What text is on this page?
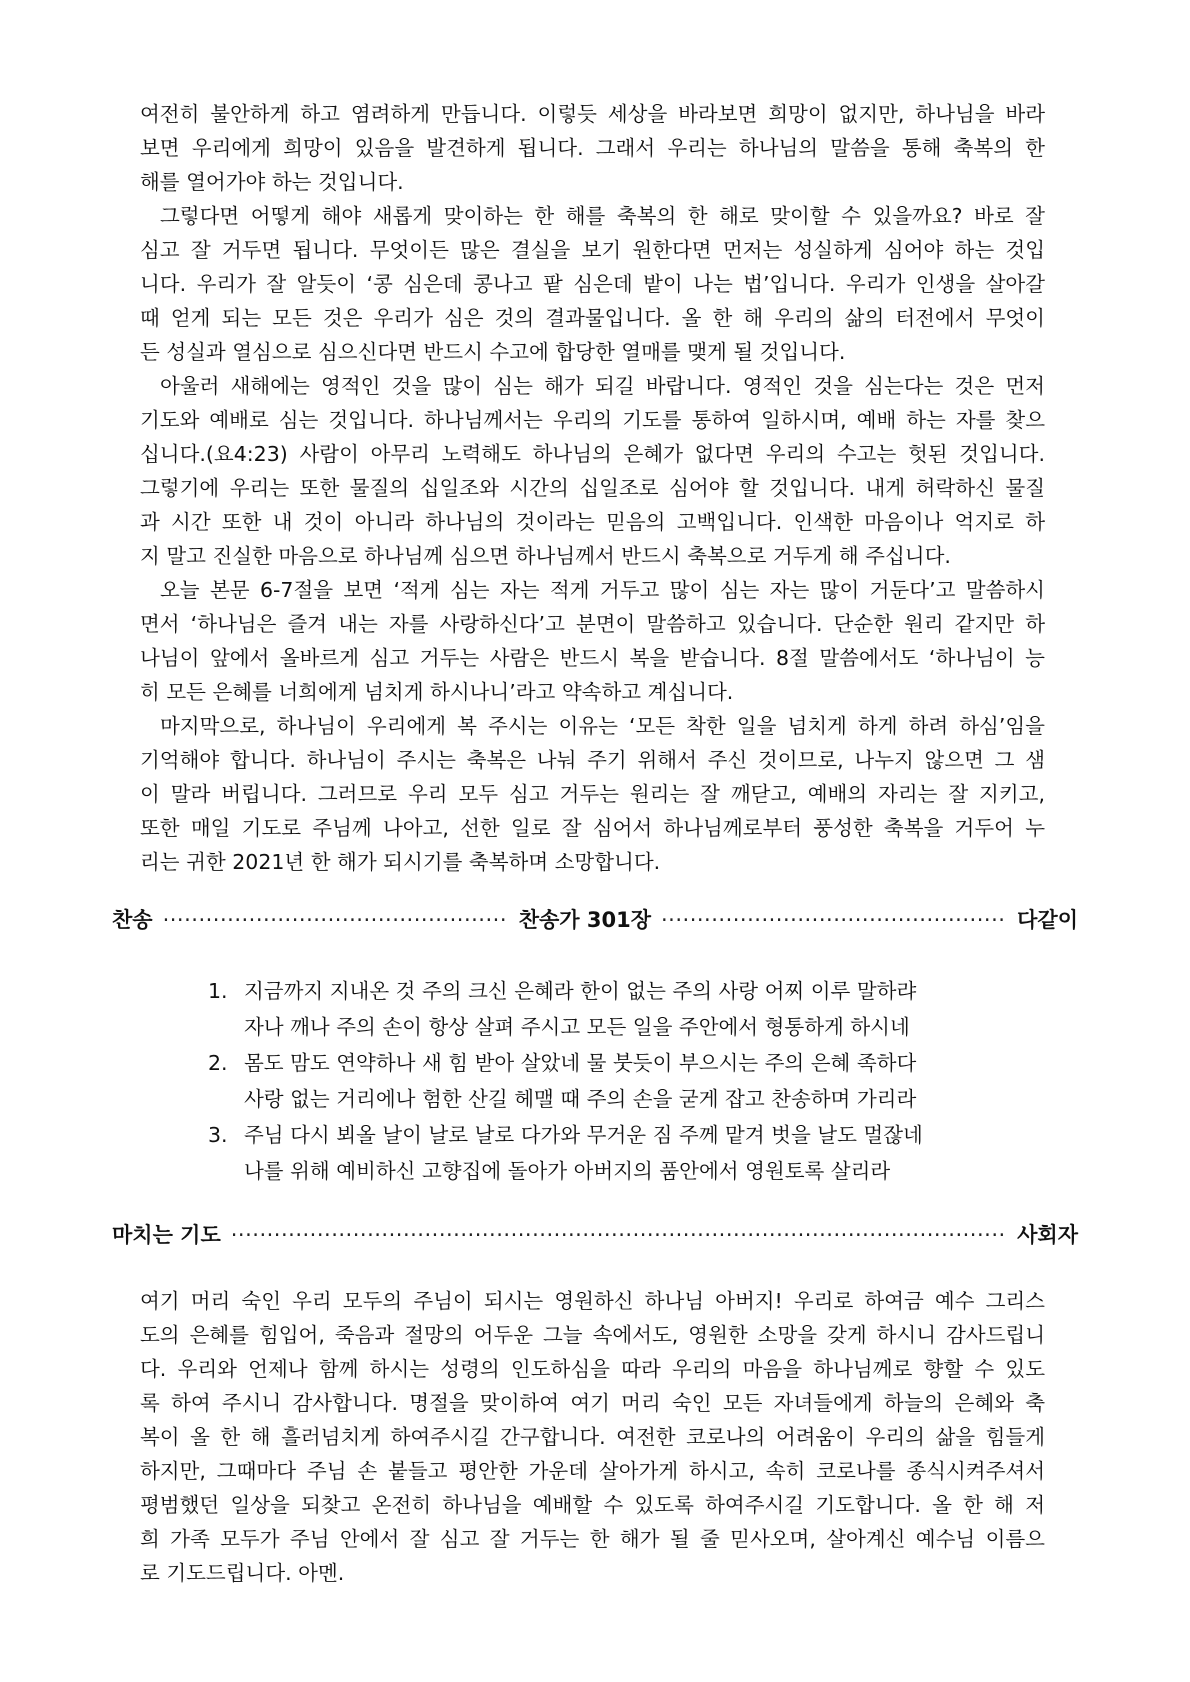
여전히 불안하게 하고 염려하게 만듭니다. 이렇듯 세상을 바라보면 희망이 없지만, 하나님을 바라
보면 우리에게 희망이 있음을 발견하게 됩니다. 그래서 우리는 하나님의 말씀을 통해 축복의 한
해를 열어가야 하는 것입니다.
그렇다면 어떻게 해야 새롭게 맞이하는 한 해를 축복의 한 해로 맞이할 수 있을까요? 바로 잘
심고 잘 거두면 됩니다. 무엇이든 많은 결실을 보기 원한다면 먼저는 성실하게 심어야 하는 것입
니다. 우리가 잘 알듯이 ‘콩 심은데 콩나고 팥 심은데 밭이 나는 법’입니다. 우리가 인생을 살아갈
때 얻게 되는 모든 것은 우리가 심은 것의 결과물입니다. 올 한 해 우리의 삶의 터전에서 무엇이
든 성실과 열심으로 심으신다면 반드시 수고에 합당한 열매를 맺게 될 것입니다.
아울러 새해에는 영적인 것을 많이 심는 해가 되길 바랍니다. 영적인 것을 심는다는 것은 먼저
기도와 예배로 심는 것입니다. 하나님께서는 우리의 기도를 통하여 일하시며, 예배 하는 자를 찾으
십니다.(요4:23) 사람이 아무리 노력해도 하나님의 은혜가 없다면 우리의 수고는 헛된 것입니다.
그렇기에 우리는 또한 물질의 십일조와 시간의 십일조로 심어야 할 것입니다. 내게 허락하신 물질
과 시간 또한 내 것이 아니라 하나님의 것이라는 믿음의 고백입니다. 인색한 마음이나 억지로 하
지 말고 진실한 마음으로 하나님께 심으면 하나님께서 반드시 축복으로 거두게 해 주십니다.
오늘 본문 6-7절을 보면 ‘적게 심는 자는 적게 거두고 많이 심는 자는 많이 거둔다’고 말씀하시
면서 ‘하나님은 즐겨 내는 자를 사랑하신다’고 분면이 말씀하고 있습니다. 단순한 원리 같지만 하
나님이 앞에서 올바르게 심고 거두는 사람은 반드시 복을 받습니다. 8절 말씀에서도 ‘하나님이 능
히 모든 은혜를 너희에게 넘치게 하시나니’라고 약속하고 계십니다.
마지막으로, 하나님이 우리에게 복 주시는 이유는 ‘모든 착한 일을 넘치게 하게 하려 하심’임을
기억해야 합니다. 하나님이 주시는 축복은 나눠 주기 위해서 주신 것이므로, 나누지 않으면 그 샘
이 말라 버립니다. 그러므로 우리 모두 심고 거두는 원리는 잘 깨닫고, 예배의 자리는 잘 지키고,
또한 매일 기도로 주님께 나아고, 선한 일로 잘 심어서 하나님께로부터 풍성한 축복을 거두어 누
리는 귀한 2021년 한 해가 되시기를 축복하며 소망합니다.
찬송 ·····	찬송가 301장 ·····	다같이
1. 지금까지 지내온 것 주의 크신 은혜라 한이 없는 주의 사랑 어찌 이루 말하랴
자나 깨나 주의 손이 항상 살펴 주시고 모든 일을 주안에서 형통하게 하시네
2. 몸도 맘도 연약하나 새 힘 받아 살았네 물 붓듯이 부으시는 주의 은혜 족하다
사랑 없는 거리에나 험한 산길 헤맬 때 주의 손을 굳게 잡고 찬송하며 가리라
3. 주님 다시 뵈올 날이 날로 날로 다가와 무거운 짐 주께 맡겨 벗을 날도 멀잖네
나를 위해 예비하신 고향집에 돌아가 아버지의 품안에서 영원토록 살리라
마치는 기도 ·····	사회자
여기 머리 숙인 우리 모두의 주님이 되시는 영원하신 하나님 아버지! 우리로 하여금 예수 그리스
도의 은혜를 힘입어, 죽음과 절망의 어두운 그늘 속에서도, 영원한 소망을 갖게 하시니 감사드립니
다. 우리와 언제나 함께 하시는 성령의 인도하심을 따라 우리의 마음을 하나님께로 향할 수 있도
록 하여 주시니 감사합니다. 명절을 맞이하여 여기 머리 숙인 모든 자녀들에게 하늘의 은혜와 축
복이 올 한 해 흘러넘치게 하여주시길 간구합니다. 여전한 코로나의 어려움이 우리의 삶을 힘들게
하지만, 그때마다 주님 손 붙들고 평안한 가운데 살아가게 하시고, 속히 코로나를 종식시켜주셔서
평범했던 일상을 되찾고 온전히 하나님을 예배할 수 있도록 하여주시길 기도합니다. 올 한 해 저
희 가족 모두가 주님 안에서 잘 심고 잘 거두는 한 해가 될 줄 믿사오며, 살아계신 예수님 이름으
로 기도드립니다. 아멘.
